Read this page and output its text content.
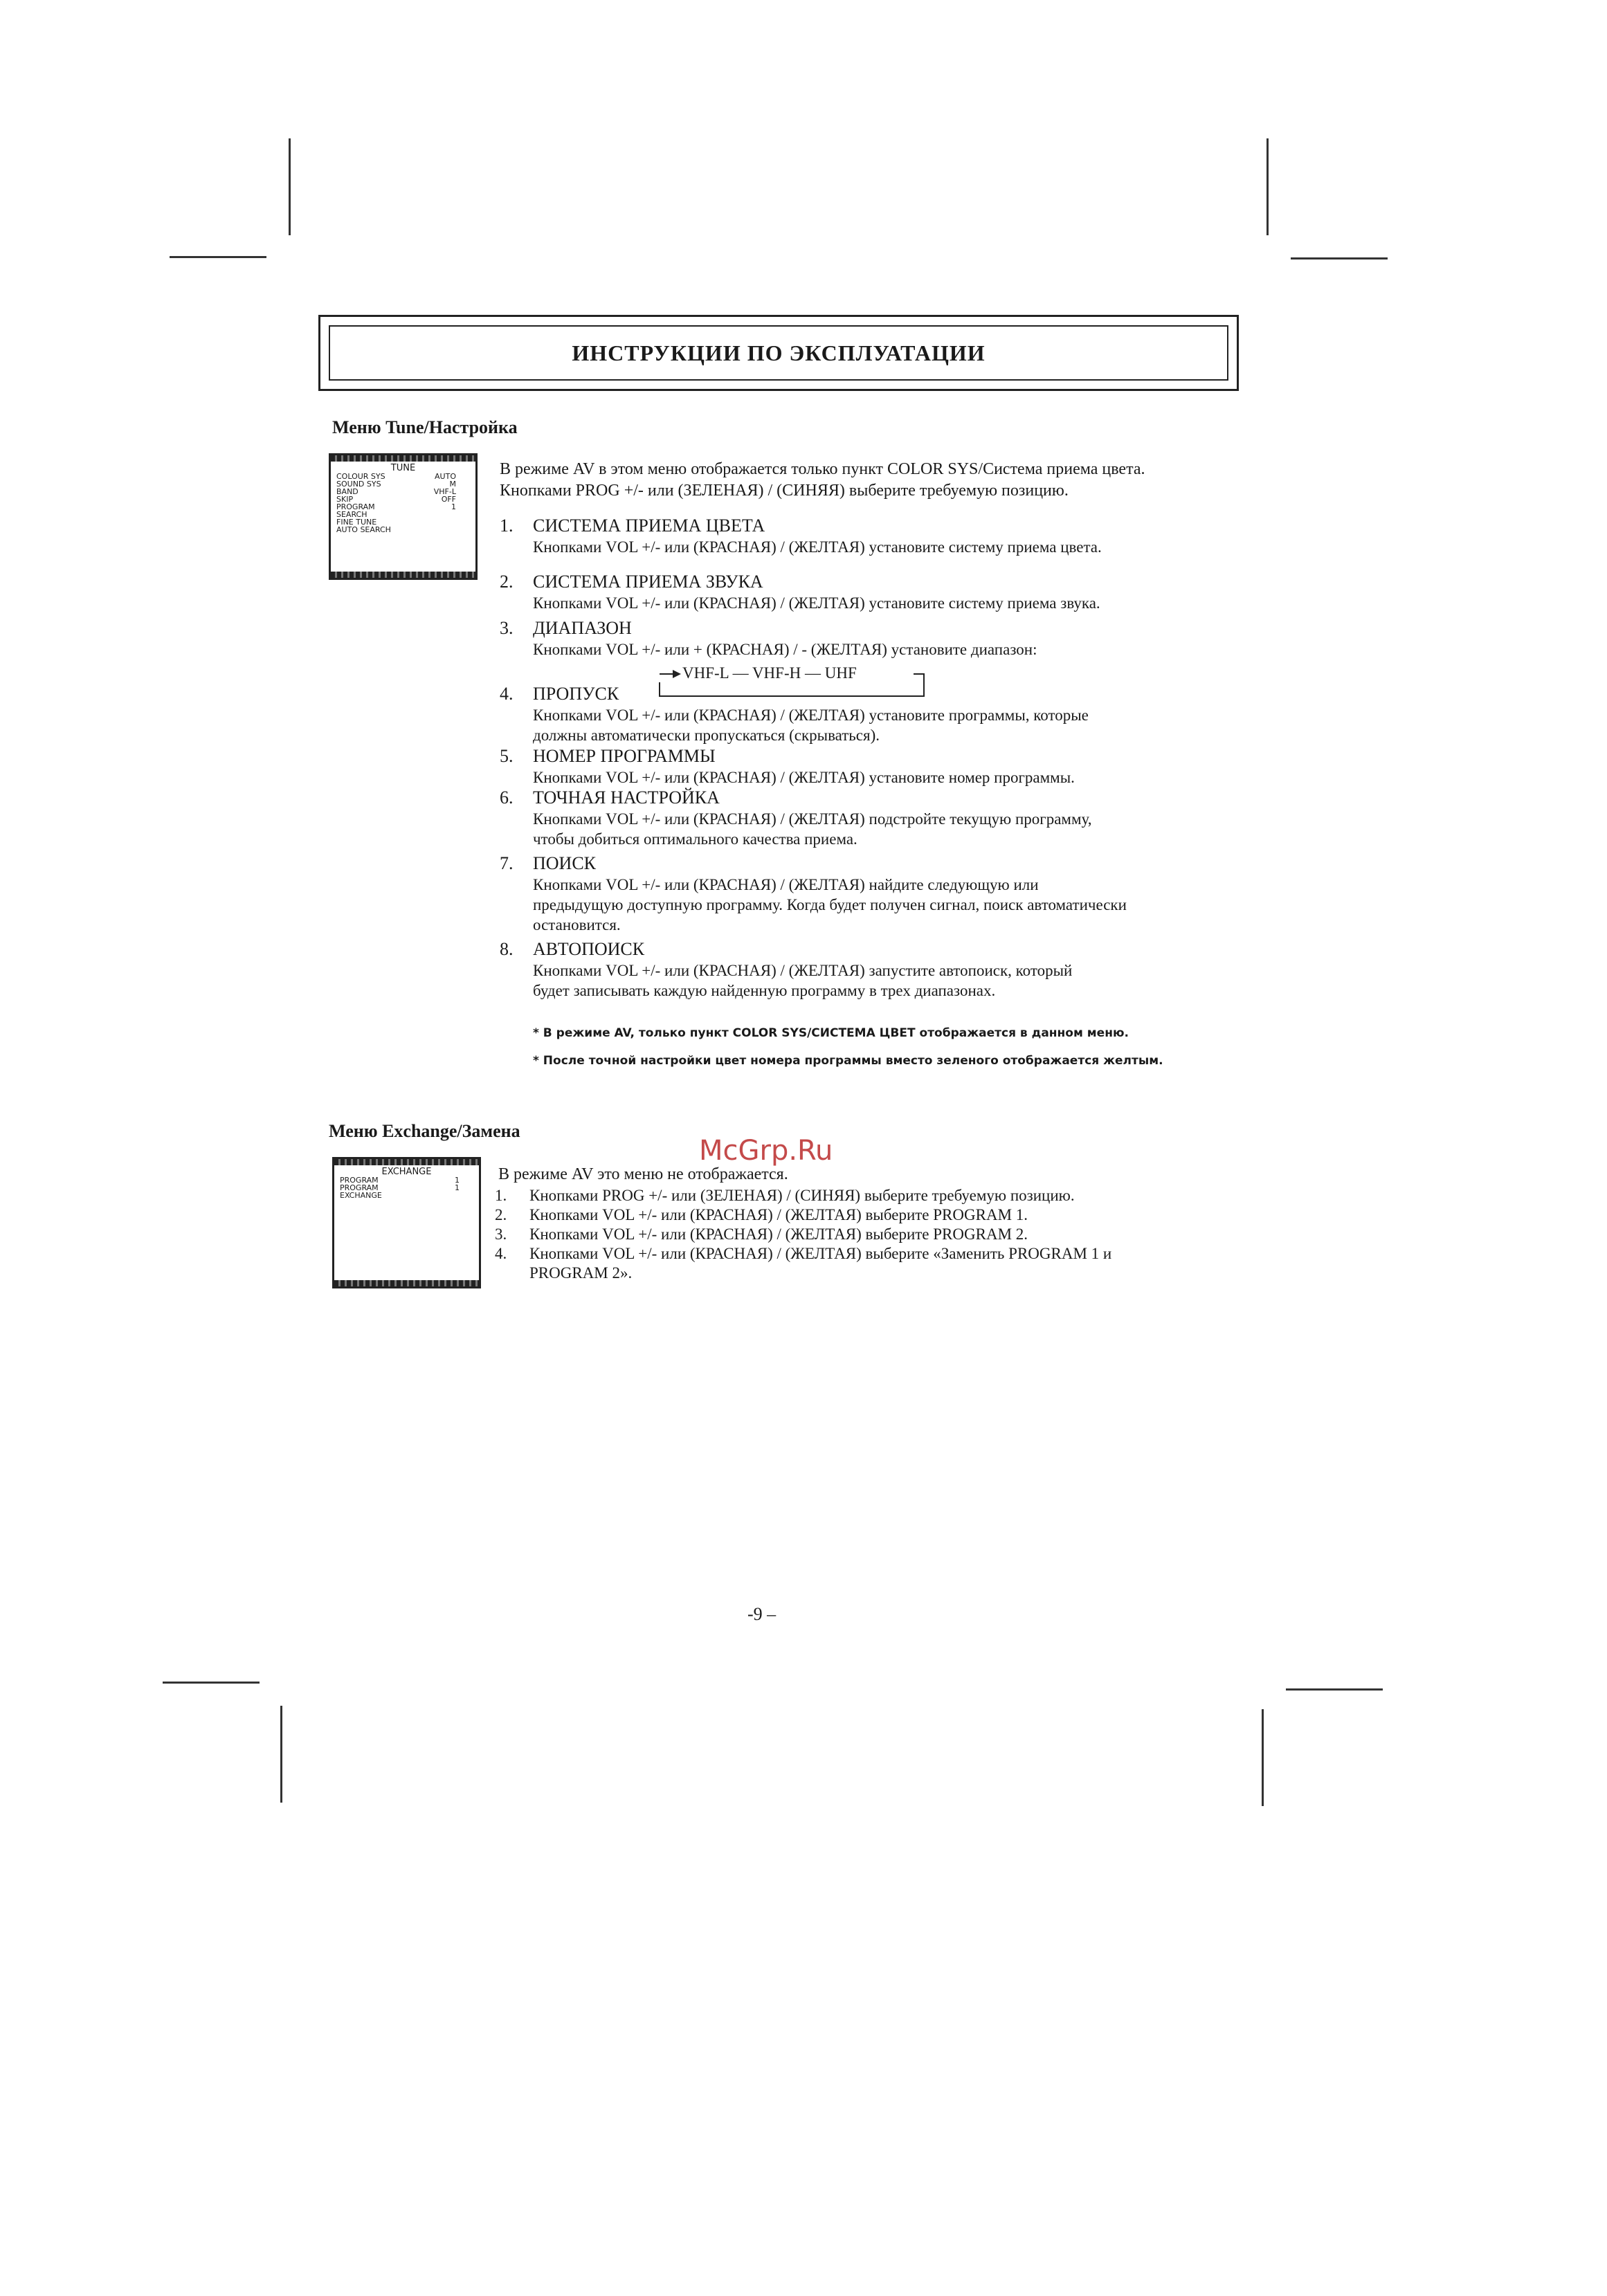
ИНСТРУКЦИИ ПО ЭКСПЛУАТАЦИИ
Меню Tune/Настройка
TUNE
COLOUR SYS	AUTO
SOUND SYS	M
BAND	VHF-L
SKIP	OFF
PROGRAM	1
SEARCH
FINE TUNE
AUTO SEARCH
В режиме AV в этом меню отображается только пункт COLOR SYS/Система приема цвета.
Кнопками PROG +/- или (ЗЕЛЕНАЯ) / (СИНЯЯ) выберите требуемую позицию.
1. СИСТЕМА ПРИЕМА ЦВЕТА
Кнопками VOL +/- или (КРАСНАЯ) / (ЖЕЛТАЯ) установите систему приема цвета.
2. СИСТЕМА ПРИЕМА ЗВУКА
Кнопками VOL +/- или (КРАСНАЯ) / (ЖЕЛТАЯ) установите систему приема звука.
3. ДИАПАЗОН
Кнопками VOL +/- или + (КРАСНАЯ) / - (ЖЕЛТАЯ) установите диапазон:
4. ПРОПУСК
Кнопками VOL +/- или (КРАСНАЯ) / (ЖЕЛТАЯ) установите программы, которые
должны автоматически пропускаться (скрываться).
5. НОМЕР ПРОГРАММЫ
Кнопками VOL +/- или (КРАСНАЯ) / (ЖЕЛТАЯ) установите номер программы.
6. ТОЧНАЯ НАСТРОЙКА
Кнопками VOL +/- или (КРАСНАЯ) / (ЖЕЛТАЯ) подстройте текущую программу,
чтобы добиться оптимального качества приема.
7. ПОИСК
Кнопками VOL +/- или (КРАСНАЯ) / (ЖЕЛТАЯ) найдите следующую или
предыдущую доступную программу. Когда будет получен сигнал, поиск автоматически
остановится.
8. АВТОПОИСК
Кнопками VOL +/- или (КРАСНАЯ) / (ЖЕЛТАЯ) запустите автопоиск, который
будет записывать каждую найденную программу в трех диапазонах.
VHF-L — VHF-H — UHF
* В режиме AV, только пункт COLOR SYS/СИСТЕМА ЦВЕТ отображается в данном меню.
* После точной настройки цвет номера программы вместо зеленого отображается желтым.
McGrp.Ru
Меню Exchange/Замена
EXCHANGE
PROGRAM	1
PROGRAM	1
EXCHANGE
В режиме AV это меню не отображается.
1. Кнопками PROG +/- или (ЗЕЛЕНАЯ) / (СИНЯЯ) выберите требуемую позицию.
2. Кнопками VOL +/- или (КРАСНАЯ) / (ЖЕЛТАЯ) выберите PROGRAM 1.
3. Кнопками VOL +/- или (КРАСНАЯ) / (ЖЕЛТАЯ) выберите PROGRAM 2.
4. Кнопками VOL +/- или (КРАСНАЯ) / (ЖЕЛТАЯ) выберите «Заменить PROGRAM 1 и
PROGRAM 2».
-9 –
